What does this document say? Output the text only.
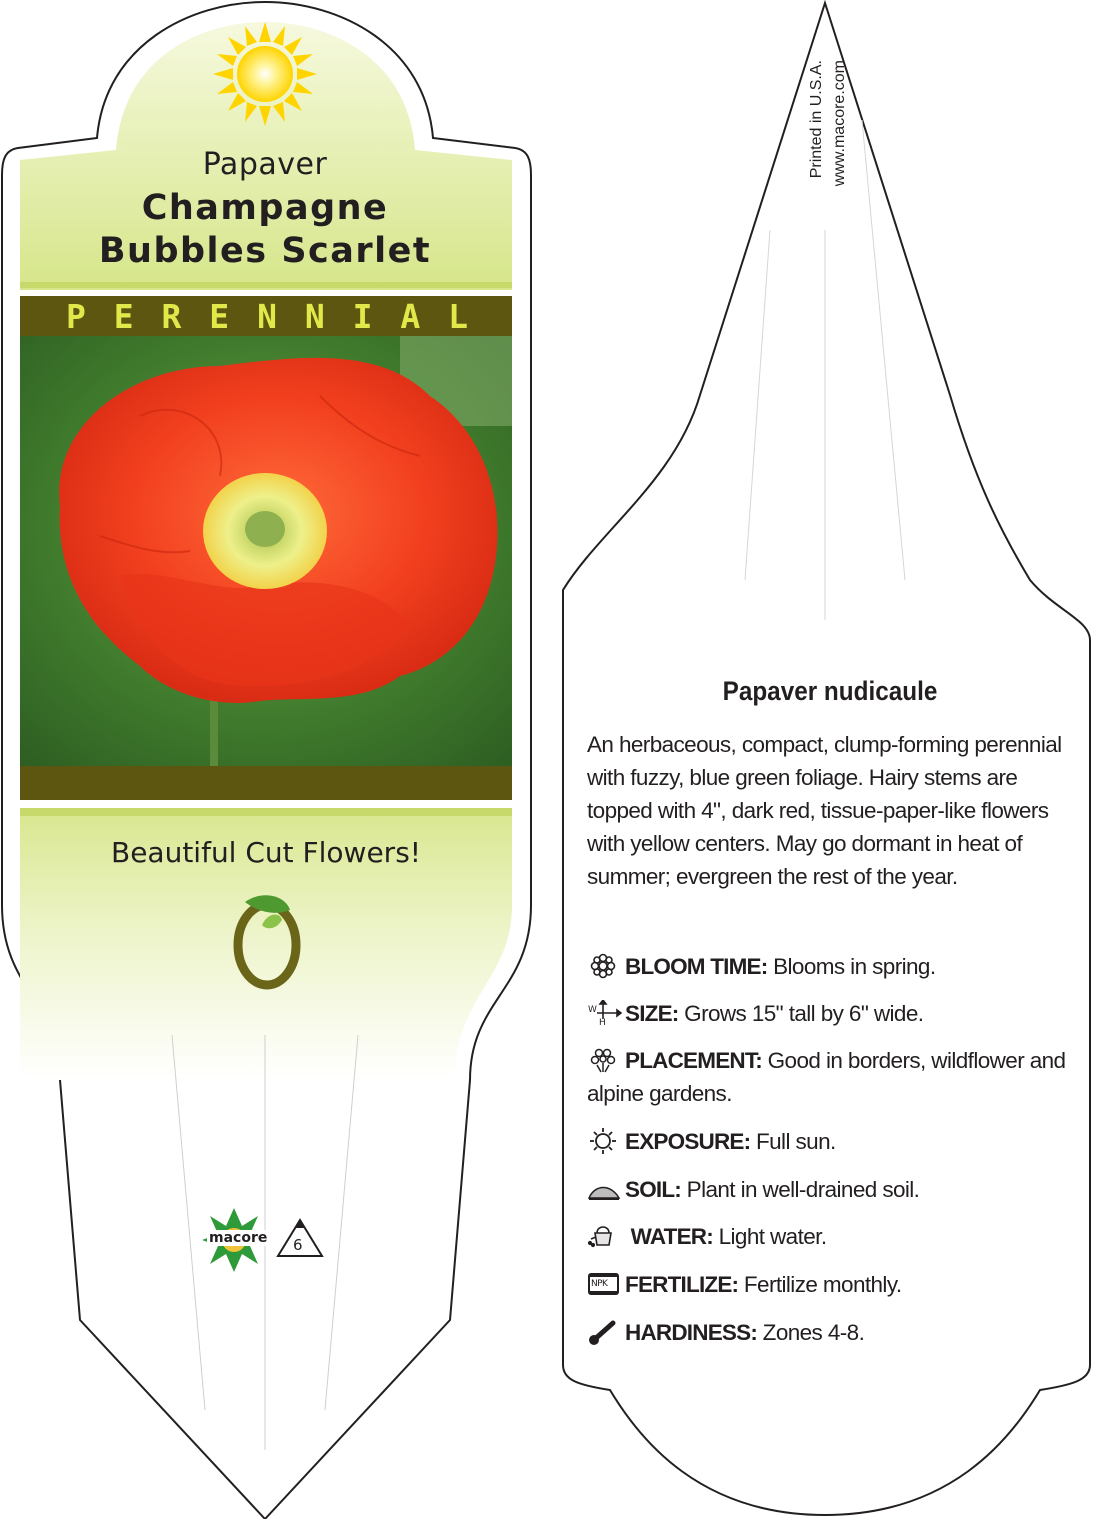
Papaver
Champagne
Bubbles Scarlet
P E R E N N I A L
Beautiful Cut Flowers!
macore 6
Printed in U.S.A. www.macore.com
Papaver nudicaule
An herbaceous, compact, clump-forming perennial with fuzzy, blue green foliage. Hairy stems are topped with 4", dark red, tissue-paper-like flowers with yellow centers. May go dormant in heat of summer; evergreen the rest of the year.
BLOOM TIME: Blooms in spring.
W
H SIZE: Grows 15" tall by 6" wide.
PLACEMENT: Good in borders, wildflower and alpine gardens.
EXPOSURE: Full sun.
SOIL: Plant in well-drained soil.
WATER: Light water.
NPK FERTILIZE: Fertilize monthly.
HARDINESS: Zones 4-8.
